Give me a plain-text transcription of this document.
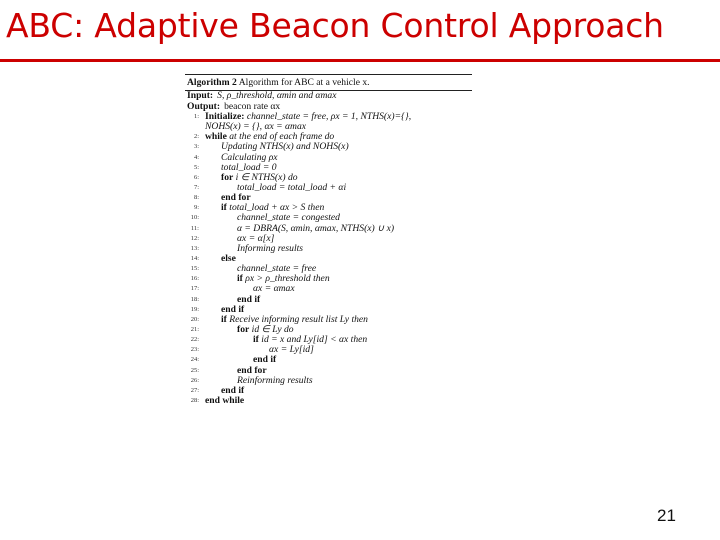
ABC: Adaptive Beacon Control Approach
Algorithm 2 Algorithm for ABC at a vehicle x.
Input: S, ρ_threshold, αmin and αmax
Output: beacon rate αx
1: Initialize: channel_state = free, ρx = 1, NTHS(x)={},
NOHS(x) = {}, αx = αmax
2: while at the end of each frame do
3: Updating NTHS(x) and NOHS(x)
4: Calculating ρx
5: total_load = 0
6: for i ∈ NTHS(x) do
7:	total_load = total_load + αi
8: end for
9: if total_load + αx > S then
10:	channel_state = congested
11:	α = DBRA(S, αmin, αmax, NTHS(x) ∪ x)
12:	αx = α[x]
13:	Informing results
14: else
15:	channel_state = free
16:	if ρx > ρ_threshold then
17:	αx = αmax
18:	end if
19: end if
20: if Receive informing result list Ly then
21:	for id ∈ Ly do
22:	if id = x and Ly[id] < αx then
23:	αx = Ly[id]
24:	end if
25:	end for
26:	Reinforming results
27: end if
28: end while
21
